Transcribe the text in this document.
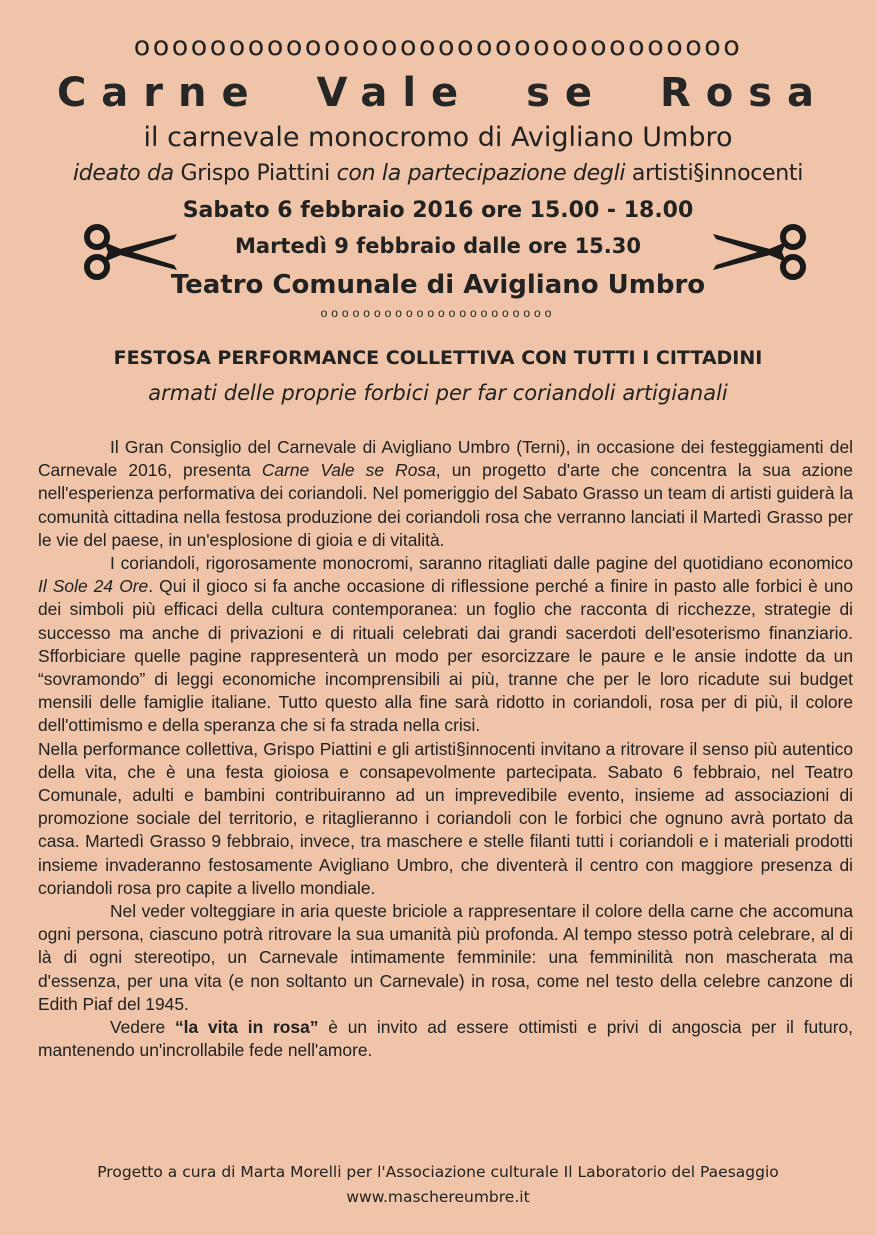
oooooooooooooooooooooooooooooooo
Carne Vale se Rosa
il carnevale monocromo di Avigliano Umbro
ideato da Grispo Piattini con la partecipazione degli artisti§innocenti
Sabato 6 febbraio 2016 ore 15.00 - 18.00
Martedì 9 febbraio dalle ore 15.30
Teatro Comunale di Avigliano Umbro
oooooooooooooooooooooo
FESTOSA PERFORMANCE COLLETTIVA CON TUTTI I CITTADINI
armati delle proprie forbici per far coriandoli artigianali

Il Gran Consiglio del Carnevale di Avigliano Umbro (Terni), in occasione dei festeggiamenti del Carnevale 2016, presenta Carne Vale se Rosa, un progetto d'arte che concentra la sua azione nell'esperienza performativa dei coriandoli. Nel pomeriggio del Sabato Grasso un team di artisti guiderà la comunità cittadina nella festosa produzione dei coriandoli rosa che verranno lanciati il Martedì Grasso per le vie del paese, in un'esplosione di gioia e di vitalità.

I coriandoli, rigorosamente monocromi, saranno ritagliati dalle pagine del quotidiano economico Il Sole 24 Ore. Qui il gioco si fa anche occasione di riflessione perché a finire in pasto alle forbici è uno dei simboli più efficaci della cultura contemporanea: un foglio che racconta di ricchezze, strategie di successo ma anche di privazioni e di rituali celebrati dai grandi sacerdoti dell'esoterismo finanziario. Sfforbiciare quelle pagine rappresenterà un modo per esorcizzare le paure e le ansie indotte da un “sovramondo” di leggi economiche incomprensibili ai più, tranne che per le loro ricadute sui budget mensili delle famiglie italiane. Tutto questo alla fine sarà ridotto in coriandoli, rosa per di più, il colore dell'ottimismo e della speranza che si fa strada nella crisi.

Nella performance collettiva, Grispo Piattini e gli artisti§innocenti invitano a ritrovare il senso più autentico della vita, che è una festa gioiosa e consapevolmente partecipata. Sabato 6 febbraio, nel Teatro Comunale, adulti e bambini contribuiranno ad un imprevedibile evento, insieme ad associazioni di promozione sociale del territorio, e ritaglieranno i coriandoli con le forbici che ognuno avrà portato da casa. Martedì Grasso 9 febbraio, invece, tra maschere e stelle filanti tutti i coriandoli e i materiali prodotti insieme invaderanno festosamente Avigliano Umbro, che diventerà il centro con maggiore presenza di coriandoli rosa pro capite a livello mondiale.

Nel veder volteggiare in aria queste briciole a rappresentare il colore della carne che accomuna ogni persona, ciascuno potrà ritrovare la sua umanità più profonda. Al tempo stesso potrà celebrare, al di là di ogni stereotipo, un Carnevale intimamente femminile: una femminilità non mascherata ma d'essenza, per una vita (e non soltanto un Carnevale) in rosa, come nel testo della celebre canzone di Edith Piaf del 1945.

Vedere “la vita in rosa” è un invito ad essere ottimisti e privi di angoscia per il futuro, mantenendo un'incrollabile fede nell'amore.

Progetto a cura di Marta Morelli per l'Associazione culturale Il Laboratorio del Paesaggio
www.maschereumbre.it
